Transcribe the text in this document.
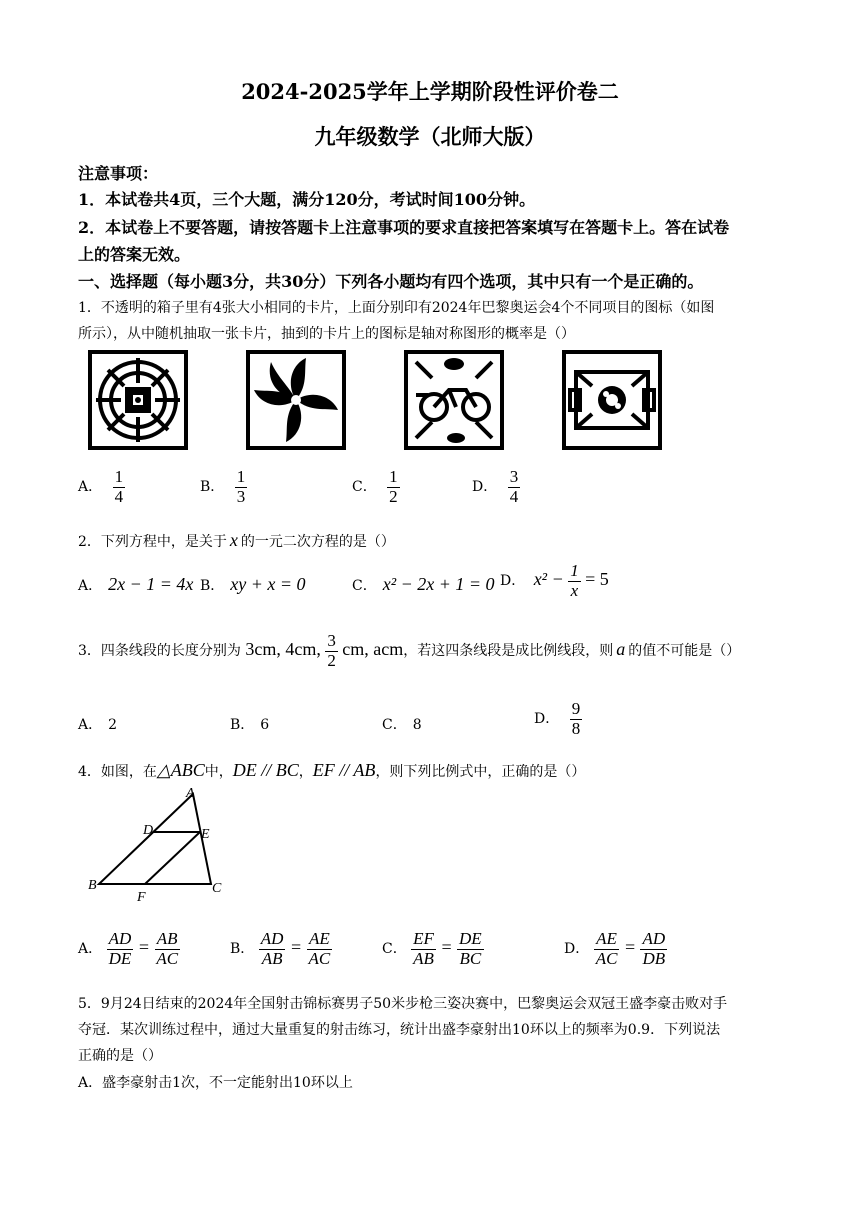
2024-2025学年上学期阶段性评价卷二
九年级数学（北师大版）
注意事项：
1．本试卷共4页，三个大题，满分120分，考试时间100分钟。
2．本试卷上不要答题，请按答题卡上注意事项的要求直接把答案填写在答题卡上。答在试卷
上的答案无效。
一、选择题（每小题3分，共30分）下列各小题均有四个选项，其中只有一个是正确的。
1．不透明的箱子里有4张大小相同的卡片，上面分别印有2024年巴黎奥运会4个不同项目的图标（如图
所示），从中随机抽取一张卡片，抽到的卡片上的图标是轴对称图形的概率是（）
A． $\frac{1}{4}$	B． $\frac{1}{3}$	C． $\frac{1}{2}$	D． $\frac{3}{4}$
2．下列方程中，是关于 x 的一元二次方程的是（）
A． 2x − 1 = 4x B． xy + x = 0	C． x² − 2x + 1 = 0 D． $x^2 - \frac{1}{x} = 5$
3．四条线段的长度分别为 3cm, 4cm, $\frac{3}{2}$ cm, acm，若这四条线段是成比例线段，则 a 的值不可能是（）
A． 2	B． 6	C． 8	D． $\frac{9}{8}$
4．如图，在△ABC中，DE // BC，EF // AB，则下列比例式中，正确的是（）
A
D	E
B
F
C
A． $\frac{AD}{DE} = \frac{AB}{AC}$	B． $\frac{AD}{AB} = \frac{AE}{AC}$	C． $\frac{EF}{AB} = \frac{DE}{BC}$	D． $\frac{AE}{AC} = \frac{AD}{DB}$
5．9月24日结束的2024年全国射击锦标赛男子50米步枪三姿决赛中，巴黎奥运会双冠王盛李豪击败对手
夺冠．某次训练过程中，通过大量重复的射击练习，统计出盛李豪射出10环以上的频率为0.9．下列说法
正确的是（）
A．盛李豪射击1次，不一定能射出10环以上
